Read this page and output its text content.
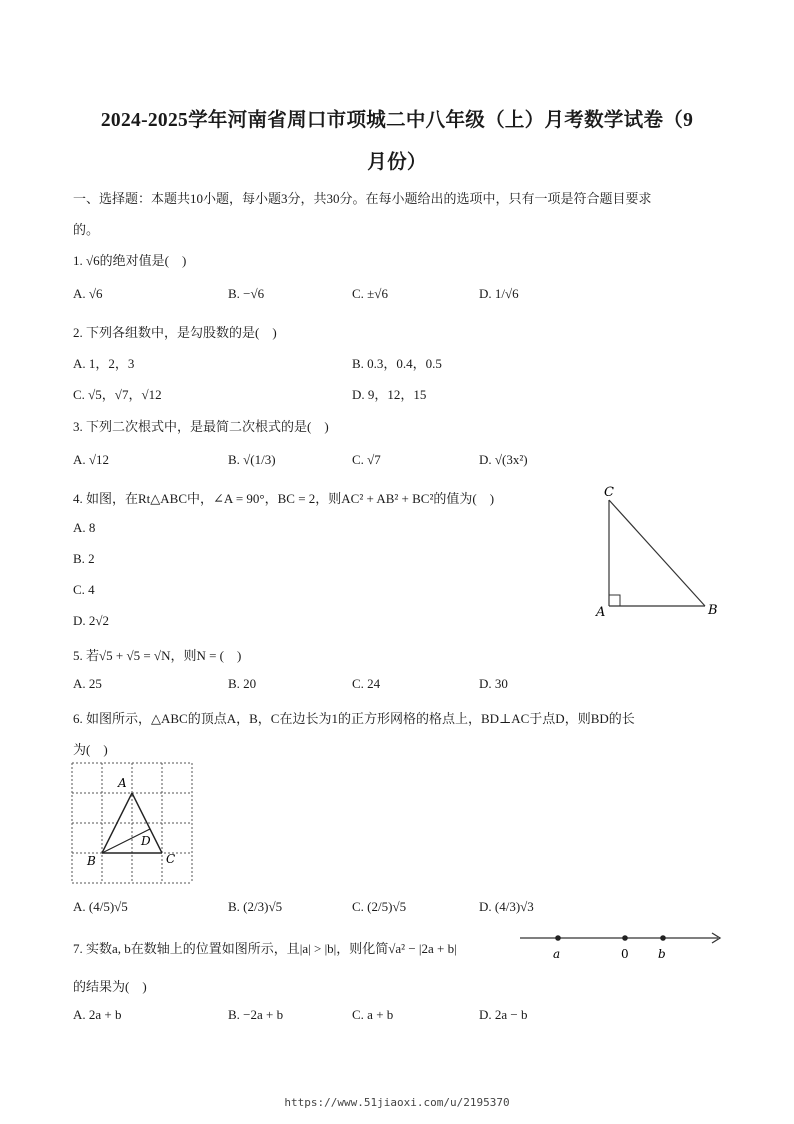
2024-2025学年河南省周口市项城二中八年级（上）月考数学试卷（9
月份）
一、选择题：本题共10小题，每小题3分，共30分。在每小题给出的选项中，只有一项是符合题目要求
的。
1. √6的绝对值是(　)
A. √6	B. −√6	C. ±√6	D. 1/√6
2. 下列各组数中，是勾股数的是(　)
A. 1，2，3	B. 0.3，0.4，0.5
C. √5，√7，√12	D. 9，12，15
3. 下列二次根式中，是最简二次根式的是(　)
A. √12	B. √(1/3)	C. √7	D. √(3x²)
4. 如图，在Rt△ABC中，∠A = 90°，BC = 2，则AC² + AB² + BC²的值为(　)
A. 8
B. 2
C. 4
D. 2√2
C
A	B
5. 若√5 + √5 = √N，则N = (　)
A. 25	B. 20	C. 24	D. 30
6. 如图所示，△ABC的顶点A，B，C在边长为1的正方形网格的格点上，BD⊥AC于点D，则BD的长
为(　)
A
D
B	C
A. (4/5)√5	B. (2/3)√5	C. (2/5)√5	D. (4/3)√3
7. 实数a, b在数轴上的位置如图所示，且|a| > |b|，则化简√a² − |2a + b|	a	0 b
的结果为(　)
A. 2a + b	B. −2a + b	C. a + b	D. 2a − b
https://www.51jiaoxi.com/u/2195370
